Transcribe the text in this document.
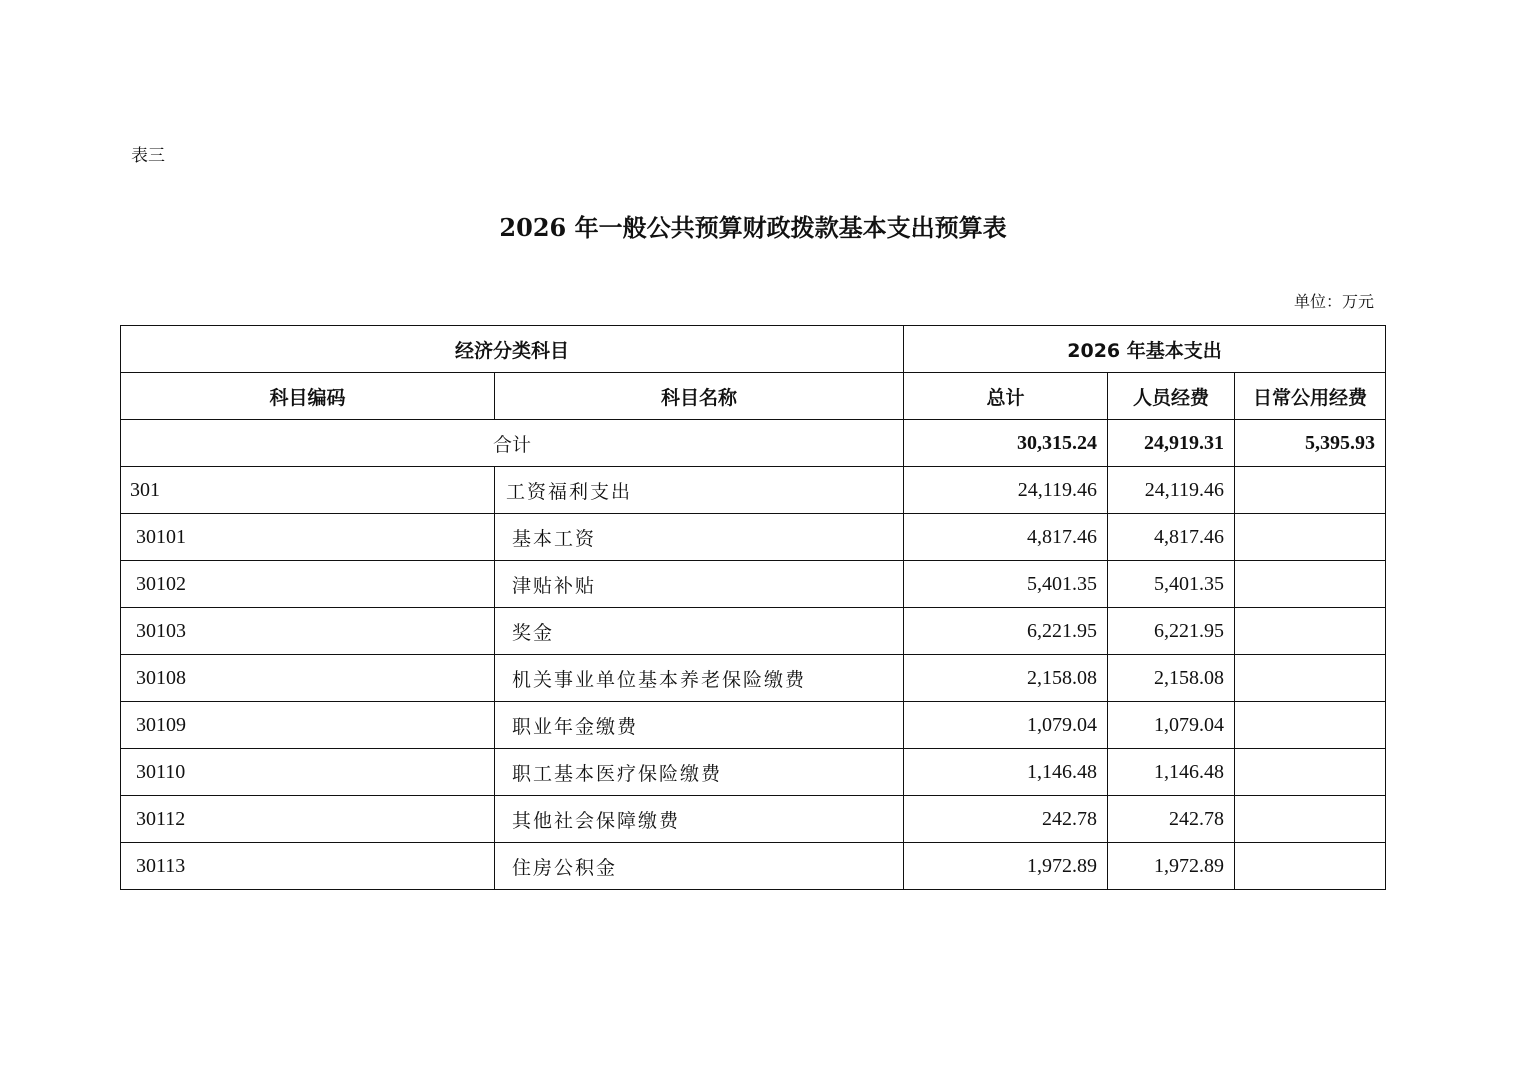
表三
2026 年一般公共预算财政拨款基本支出预算表
单位：万元
经济分类科目		2026 年基本支出		
科目编码	科目名称	总计	人员经费	日常公用经费
合计		30,315.24	24,919.31	5,395.93
301	工资福利支出	24,119.46	24,119.46	
30101	基本工资	4,817.46	4,817.46	
30102	津贴补贴	5,401.35	5,401.35	
30103	奖金	6,221.95	6,221.95	
30108	机关事业单位基本养老保险缴费	2,158.08	2,158.08	
30109	职业年金缴费	1,079.04	1,079.04	
30110	职工基本医疗保险缴费	1,146.48	1,146.48	
30112	其他社会保障缴费	242.78	242.78	
30113	住房公积金	1,972.89	1,972.89	
